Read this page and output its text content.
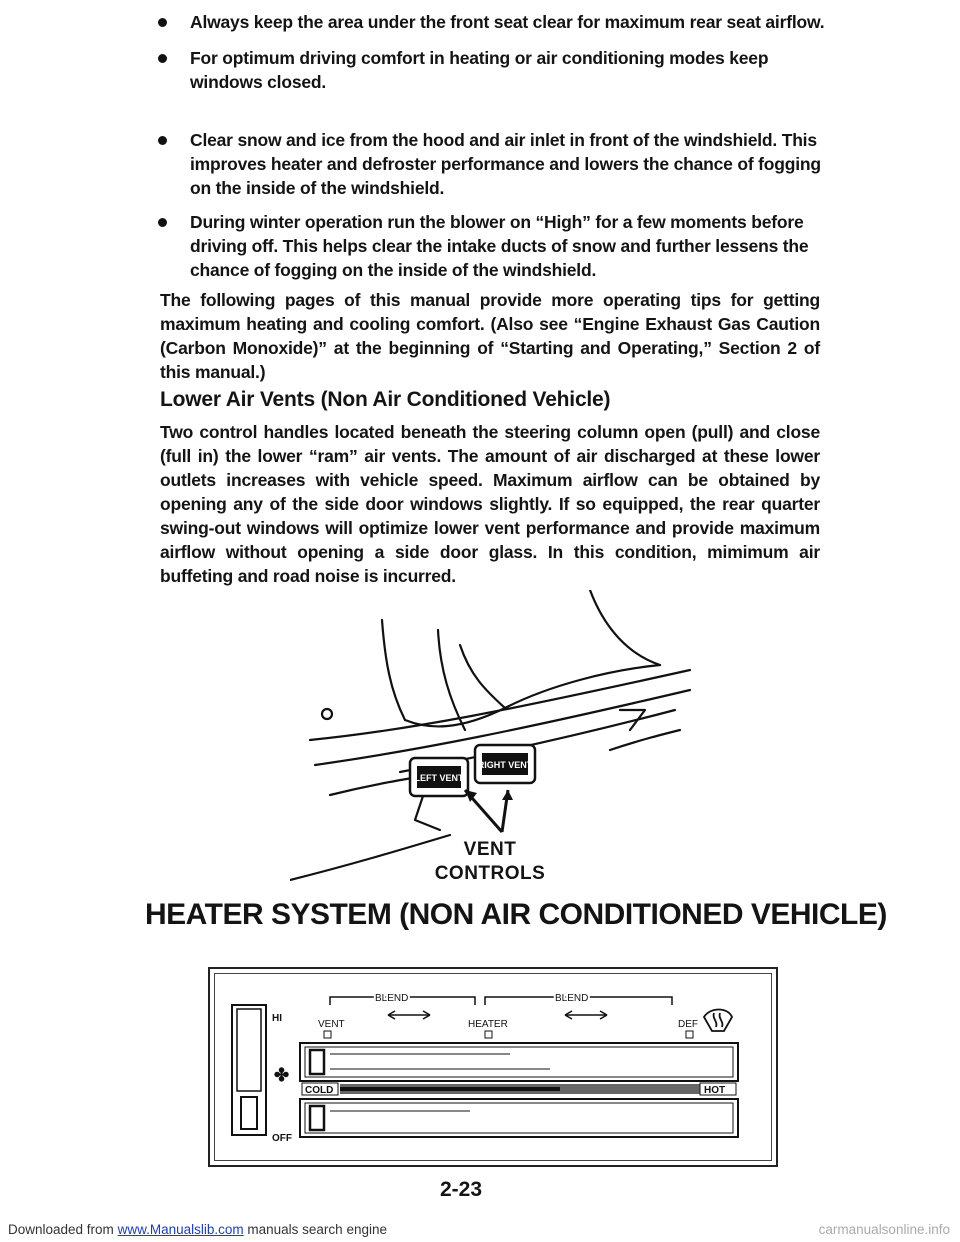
Always keep the area under the front seat clear for maximum rear seat airflow.
For optimum driving comfort in heating or air conditioning modes keep windows closed.
Clear snow and ice from the hood and air inlet in front of the windshield. This improves heater and defroster performance and lowers the chance of fogging on the inside of the windshield.
During winter operation run the blower on “High” for a few moments before driving off. This helps clear the intake ducts of snow and further lessens the chance of fogging on the inside of the windshield.
The following pages of this manual provide more operating tips for getting maximum heating and cooling comfort. (Also see “Engine Exhaust Gas Caution (Carbon Monoxide)” at the beginning of “Starting and Operating,” Section 2 of this manual.)
Lower Air Vents (Non Air Conditioned Vehicle)
Two control handles located beneath the steering column open (pull) and close (full in) the lower “ram” air vents. The amount of air discharged at these lower outlets increases with vehicle speed. Maximum airflow can be obtained by opening any of the side door windows slightly. If so equipped, the rear quarter swing-out windows will optimize lower vent performance and provide maximum airflow without opening a side door glass. In this condition, mimimum air buffeting and road noise is incurred.
LEFT VENT
RIGHT VENT
VENT
CONTROLS
HEATER SYSTEM (NON AIR CONDITIONED VEHICLE)
HI
OFF
✤
BLEND	BLEND
VENT	HEATER	DEF
COLD	HOT
2-23
Downloaded from www.Manualslib.com manuals search engine	carmanualsonline.info
